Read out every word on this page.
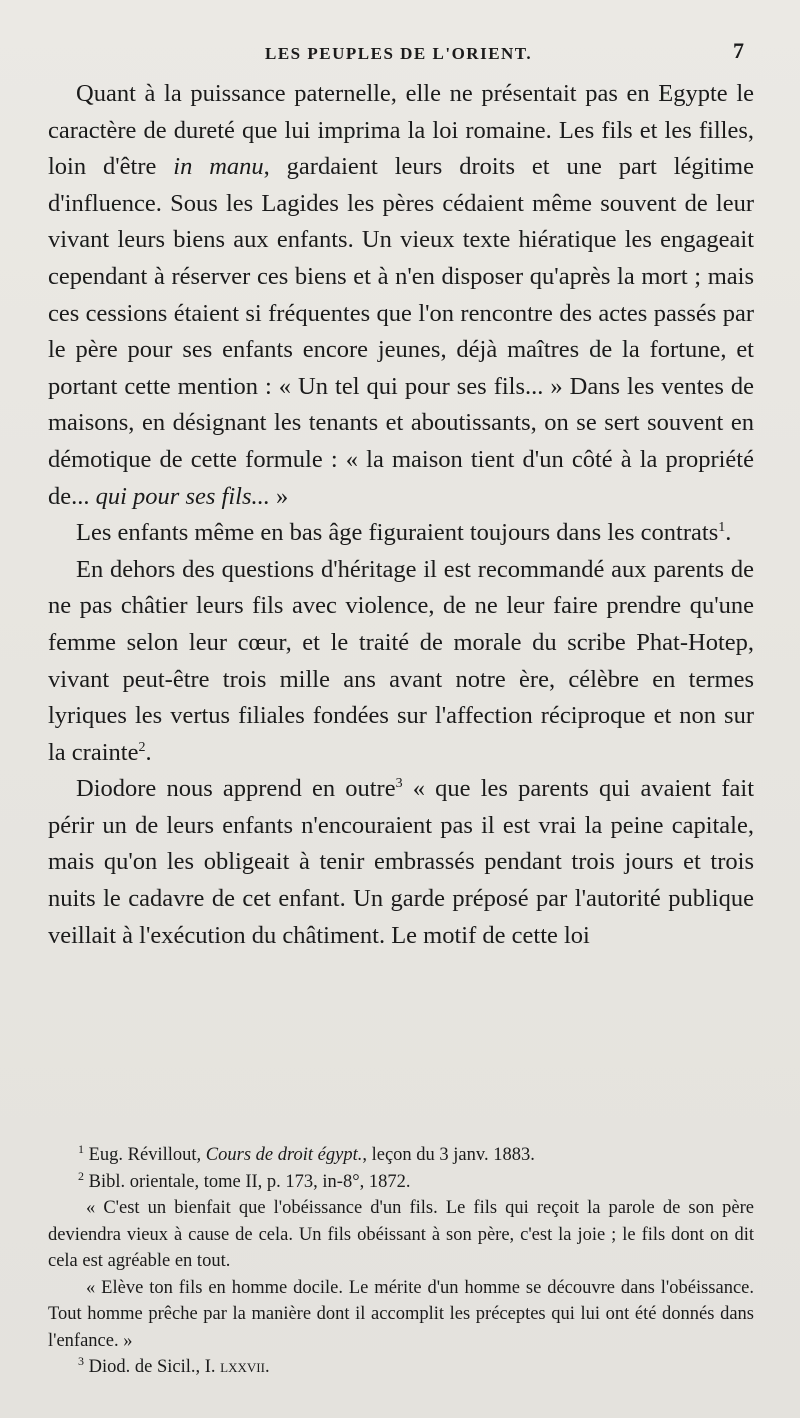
LES PEUPLES DE L'ORIENT.	7

Quant à la puissance paternelle, elle ne présentait pas en Egypte le caractère de dureté que lui imprima la loi romaine. Les fils et les filles, loin d'être in manu, gardaient leurs droits et une part légitime d'influence. Sous les Lagides les pères cédaient même souvent de leur vivant leurs biens aux enfants. Un vieux texte hiératique les engageait cependant à réserver ces biens et à n'en disposer qu'après la mort ; mais ces cessions étaient si fréquentes que l'on rencontre des actes passés par le père pour ses enfants encore jeunes, déjà maîtres de la fortune, et portant cette mention : « Un tel qui pour ses fils... » Dans les ventes de maisons, en désignant les tenants et aboutissants, on se sert souvent en démotique de cette formule : « la maison tient d'un côté à la propriété de... qui pour ses fils... »

Les enfants même en bas âge figuraient toujours dans les contrats$^1$.

En dehors des questions d'héritage il est recommandé aux parents de ne pas châtier leurs fils avec violence, de ne leur faire prendre qu'une femme selon leur cœur, et le traité de morale du scribe Phat-Hotep, vivant peut-être trois mille ans avant notre ère, célèbre en termes lyriques les vertus filiales fondées sur l'affection réciproque et non sur la crainte$^2$.

Diodore nous apprend en outre$^3$ « que les parents qui avaient fait périr un de leurs enfants n'encouraient pas il est vrai la peine capitale, mais qu'on les obligeait à tenir embrassés pendant trois jours et trois nuits le cadavre de cet enfant. Un garde préposé par l'autorité publique veillait à l'exécution du châtiment. Le motif de cette loi

$^1$ Eug. Révillout, Cours de droit égypt., leçon du 3 janv. 1883.

$^2$ Bibl. orientale, tome II, p. 173, in-8°, 1872.

« C'est un bienfait que l'obéissance d'un fils. Le fils qui reçoit la parole de son père deviendra vieux à cause de cela. Un fils obéissant à son père, c'est la joie ; le fils dont on dit cela est agréable en tout.

« Elève ton fils en homme docile. Le mérite d'un homme se découvre dans l'obéissance. Tout homme prêche par la manière dont il accomplit les préceptes qui lui ont été donnés dans l'enfance. »

$^3$ Diod. de Sicil., I. lxxvii.
